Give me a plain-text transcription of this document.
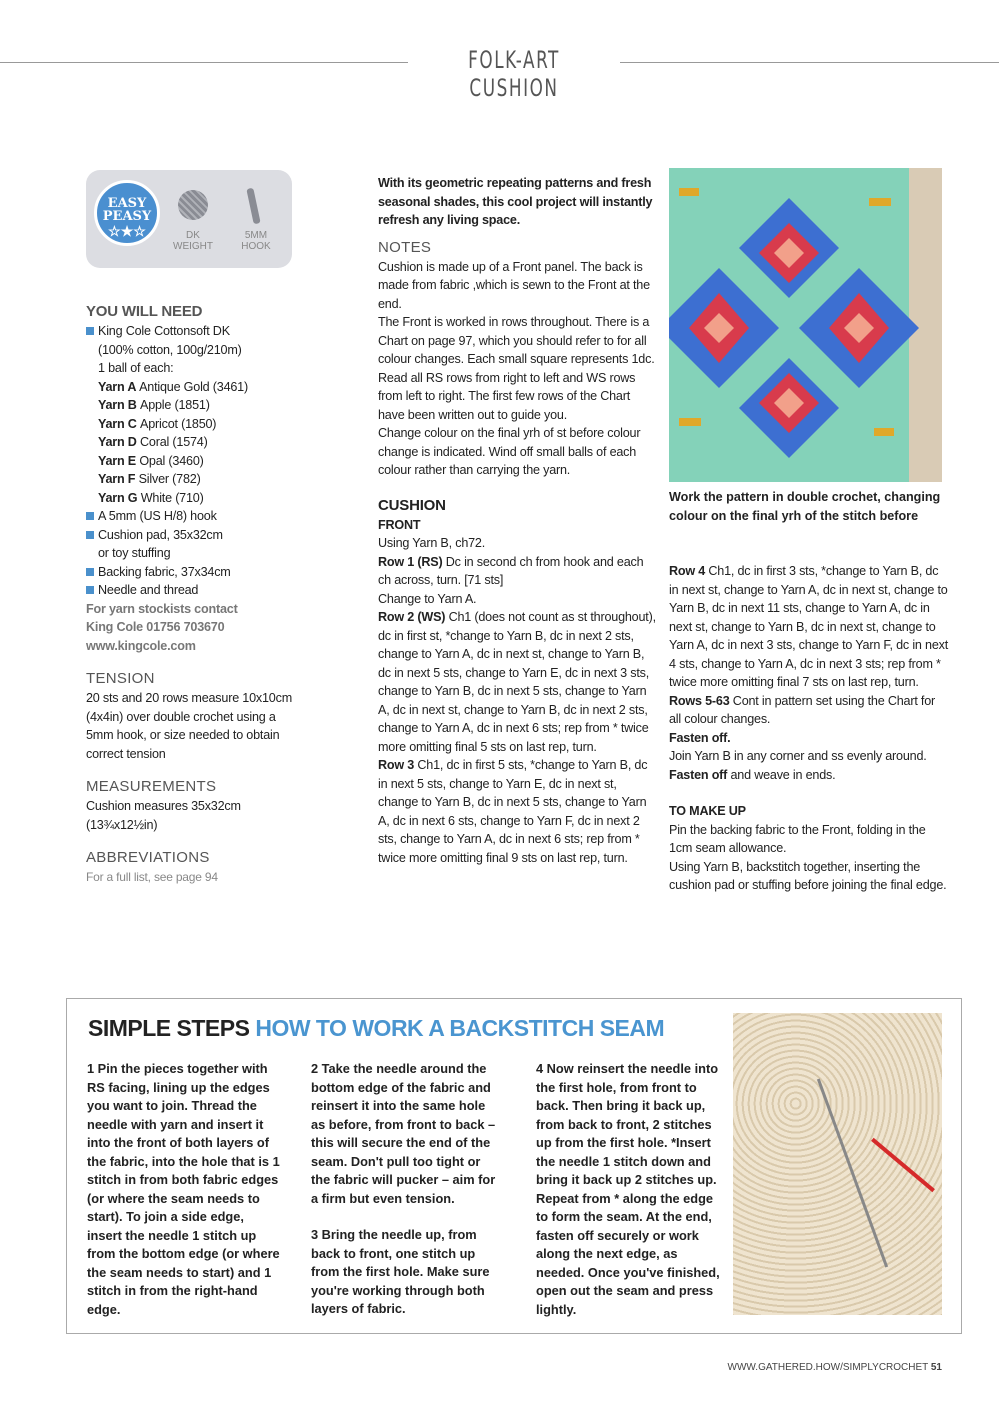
FOLK-ART CUSHION
EASY
PEASY
☆★☆	DK
WEIGHT
5MM
HOOK
YOU WILL NEED

King Cole Cottonsoft DK

(100% cotton, 100g/210m)

1 ball of each:

Yarn A Antique Gold (3461)

Yarn B Apple (1851)

Yarn C Apricot (1850)

Yarn D Coral (1574)

Yarn E Opal (3460)

Yarn F Silver (782)

Yarn G White (710)

A 5mm (US H/8) hook

Cushion pad, 35x32cm

or toy stuffing

Backing fabric, 37x34cm

Needle and thread

For yarn stockists contact
King Cole 01756 703670
www.kingcole.com
TENSION

20 sts and 20 rows measure 10x10cm (4x4in) over double crochet using a 5mm hook, or size needed to obtain correct tension

MEASUREMENTS

Cushion measures 35x32cm (13¾x12½in)

ABBREVIATIONS

For a full list, see page 94

With its geometric repeating patterns and fresh seasonal shades, this cool project will instantly refresh any living space.

NOTES

Cushion is made up of a Front panel. The back is made from fabric ,which is sewn to the Front at the end.

The Front is worked in rows throughout. There is a Chart on page 97, which you should refer to for all colour changes. Each small square represents 1dc. Read all RS rows from right to left and WS rows from left to right. The first few rows of the Chart have been written out to guide you.

Change colour on the final yrh of st before colour change is indicated. Wind off small balls of each colour rather than carrying the yarn.

CUSHION
FRONT

Using Yarn B, ch72.

Row 1 (RS) Dc in second ch from hook and each ch across, turn. [71 sts]

Change to Yarn A.

Row 2 (WS) Ch1 (does not count as st throughout), dc in first st, *change to Yarn B, dc in next 2 sts, change to Yarn A, dc in next st, change to Yarn B, dc in next 5 sts, change to Yarn E, dc in next 3 sts, change to Yarn B, dc in next 5 sts, change to Yarn A, dc in next st, change to Yarn B, dc in next 2 sts, change to Yarn A, dc in next 6 sts; rep from * twice more omitting final 5 sts on last rep, turn.

Row 3 Ch1, dc in first 5 sts, *change to Yarn B, dc in next 5 sts, change to Yarn E, dc in next st, change to Yarn B, dc in next 5 sts, change to Yarn A, dc in next 6 sts, change to Yarn F, dc in next 2 sts, change to Yarn A, dc in next 6 sts; rep from * twice more omitting final 9 sts on last rep, turn.

Work the pattern in double crochet, changing colour on the final yrh of the stitch before

Row 4 Ch1, dc in first 3 sts, *change to Yarn B, dc in next st, change to Yarn A, dc in next st, change to Yarn B, dc in next 11 sts, change to Yarn A, dc in next st, change to Yarn B, dc in next st, change to Yarn A, dc in next 3 sts, change to Yarn F, dc in next 4 sts, change to Yarn A, dc in next 3 sts; rep from * twice more omitting final 7 sts on last rep, turn.

Rows 5-63 Cont in pattern set using the Chart for all colour changes.

Fasten off.

Join Yarn B in any corner and ss evenly around.

Fasten off and weave in ends.

TO MAKE UP

Pin the backing fabric to the Front, folding in the 1cm seam allowance.

Using Yarn B, backstitch together, inserting the cushion pad or stuffing before joining the final edge.

SIMPLE STEPS HOW TO WORK A BACKSTITCH SEAM

1 Pin the pieces together with RS facing, lining up the edges you want to join. Thread the needle with yarn and insert it into the front of both layers of the fabric, into the hole that is 1 stitch in from both fabric edges (or where the seam needs to start). To join a side edge, insert the needle 1 stitch up from the bottom edge (or where the seam needs to start) and 1 stitch in from the right-hand edge.

2 Take the needle around the bottom edge of the fabric and reinsert it into the same hole as before, from front to back – this will secure the end of the seam. Don't pull too tight or the fabric will pucker – aim for a firm but even tension.

3 Bring the needle up, from back to front, one stitch up from the first hole. Make sure you're working through both layers of fabric.

4 Now reinsert the needle into the first hole, from front to back. Then bring it back up, from back to front, 2 stitches up from the first hole. *Insert the needle 1 stitch down and bring it back up 2 stitches up. Repeat from * along the edge to form the seam. At the end, fasten off securely or work along the next edge, as needed. Once you've finished, open out the seam and press lightly.

WWW.GATHERED.HOW/SIMPLYCROCHET 51
